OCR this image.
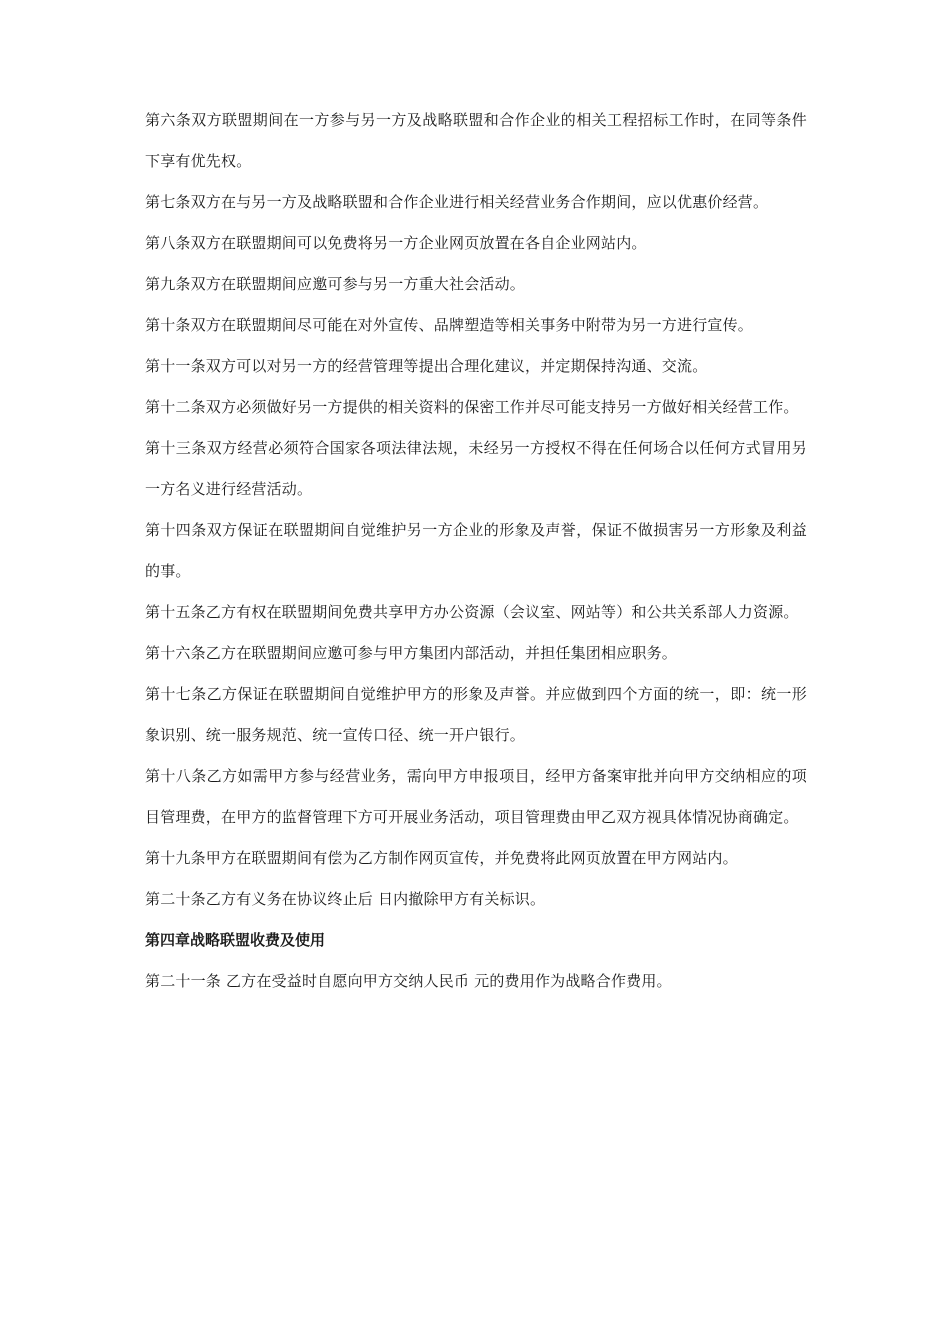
第六条双方联盟期间在一方参与另一方及战略联盟和合作企业的相关工程招标工作时，在同等条件下享有优先权。

第七条双方在与另一方及战略联盟和合作企业进行相关经营业务合作期间，应以优惠价经营。

第八条双方在联盟期间可以免费将另一方企业网页放置在各自企业网站内。

第九条双方在联盟期间应邀可参与另一方重大社会活动。

第十条双方在联盟期间尽可能在对外宣传、品牌塑造等相关事务中附带为另一方进行宣传。

第十一条双方可以对另一方的经营管理等提出合理化建议，并定期保持沟通、交流。

第十二条双方必须做好另一方提供的相关资料的保密工作并尽可能支持另一方做好相关经营工作。

第十三条双方经营必须符合国家各项法律法规，未经另一方授权不得在任何场合以任何方式冒用另一方名义进行经营活动。

第十四条双方保证在联盟期间自觉维护另一方企业的形象及声誉，保证不做损害另一方形象及利益的事。

第十五条乙方有权在联盟期间免费共享甲方办公资源（会议室、网站等）和公共关系部人力资源。

第十六条乙方在联盟期间应邀可参与甲方集团内部活动，并担任集团相应职务。

第十七条乙方保证在联盟期间自觉维护甲方的形象及声誉。并应做到四个方面的统一，即：统一形象识别、统一服务规范、统一宣传口径、统一开户银行。

第十八条乙方如需甲方参与经营业务，需向甲方申报项目，经甲方备案审批并向甲方交纳相应的项目管理费，在甲方的监督管理下方可开展业务活动，项目管理费由甲乙双方视具体情况协商确定。

第十九条甲方在联盟期间有偿为乙方制作网页宣传，并免费将此网页放置在甲方网站内。

第二十条乙方有义务在协议终止后 日内撤除甲方有关标识。

第四章战略联盟收费及使用

第二十一条 乙方在受益时自愿向甲方交纳人民币 元的费用作为战略合作费用。
